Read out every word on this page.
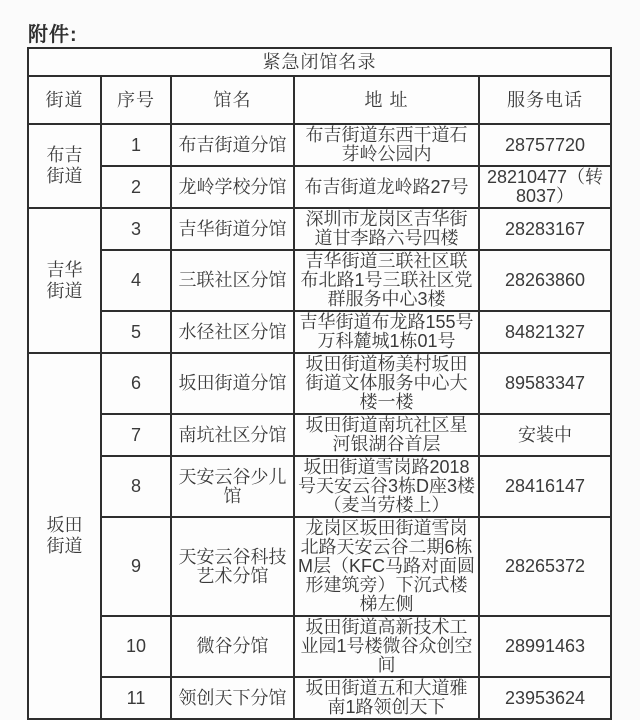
附件:
紧急闭馆名录				
街道	序号	馆名	地 址	服务电话
布吉街道	1	布吉街道分馆	布吉街道东西干道石芽岭公园内	28757720
	2	龙岭学校分馆	布吉街道龙岭路27号	28210477（转8037）
吉华街道	3	吉华街道分馆	深圳市龙岗区吉华街道甘李路六号四楼	28283167
	4	三联社区分馆	吉华街道三联社区联布北路1号三联社区党群服务中心3楼	28263860
	5	水径社区分馆	吉华街道布龙路155号万科麓城1栋01号	84821327
坂田街道	6	坂田街道分馆	坂田街道杨美村坂田街道文体服务中心大楼一楼	89583347
	7	南坑社区分馆	坂田街道南坑社区星河银湖谷首层	安装中
	8	天安云谷少儿馆	坂田街道雪岗路2018号天安云谷3栋D座3楼（麦当劳楼上）	28416147
	9	天安云谷科技艺术分馆	龙岗区坂田街道雪岗北路天安云谷二期6栋M层（KFC马路对面圆形建筑旁）下沉式楼梯左侧	28265372
	10	微谷分馆	坂田街道高新技术工业园1号楼微谷众创空间	28991463
	11	领创天下分馆	坂田街道五和大道雅南1路领创天下	23953624
